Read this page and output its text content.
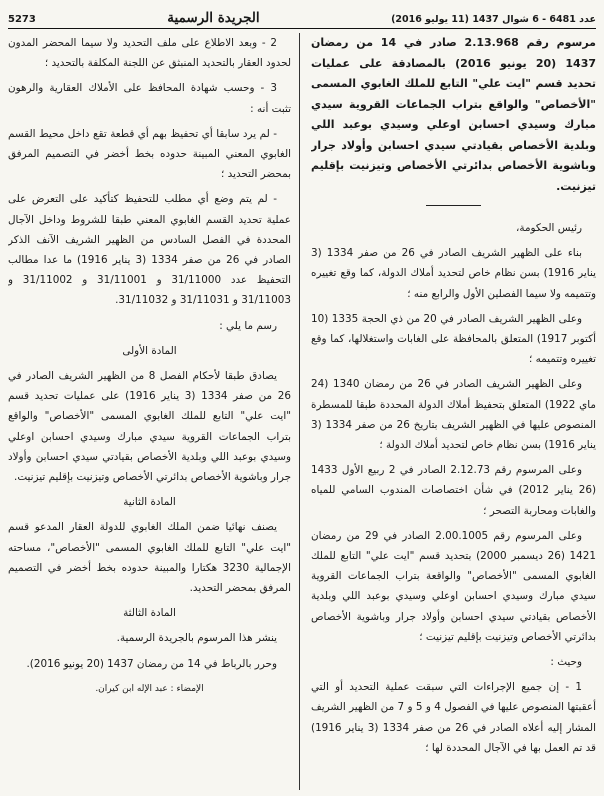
5273	الجريدة الرسمية	عدد 6481 - 6 شوال 1437 (11 يوليو 2016)

مرسوم رقم 2.13.968 صادر في 14 من رمضان 1437 (20 يونيو 2016) بالمصادقة على عمليات تحديد قسم "ايت علي" التابع للملك الغابوي المسمى "الأخصاص" والواقع بتراب الجماعات القروية سيدي مبارك وسيدي احسابن اوعلي وسيدي بوعبد اللي وبلدية الأخصاص بقيادتي سيدي احسابن وأولاد جرار وباشوية الأخصاص بدائرتي الأخصاص وتيزنيت بإقليم تيزنيت.

رئيس الحكومة،

بناء على الظهير الشريف الصادر في 26 من صفر 1334 (3 يناير 1916) بسن نظام خاص لتحديد أملاك الدولة، كما وقع تغييره وتتميمه ولا سيما الفصلين الأول والرابع منه ؛

وعلى الظهير الشريف الصادر في 20 من ذي الحجة 1335 (10 أكتوبر 1917) المتعلق بالمحافظة على الغابات واستغلالها، كما وقع تغييره وتتميمه ؛

وعلى الظهير الشريف الصادر في 26 من رمضان 1340 (24 ماي 1922) المتعلق بتحفيظ أملاك الدولة المحددة طبقا للمسطرة المنصوص عليها في الظهير الشريف بتاريخ 26 من صفر 1334 (3 يناير 1916) بسن نظام خاص لتحديد أملاك الدولة ؛

وعلى المرسوم رقم 2.12.73 الصادر في 2 ربيع الأول 1433 (26 يناير 2012) في شأن اختصاصات المندوب السامي للمياه والغابات ومحاربة التصحر ؛

وعلى المرسوم رقم 2.00.1005 الصادر في 29 من رمضان 1421 (26 ديسمبر 2000) بتحديد قسم "ايت علي" التابع للملك الغابوي المسمى "الأخصاص" والواقعة بتراب الجماعات القروية سيدي مبارك وسيدي احسابن اوعلي وسيدي بوعبد اللي وبلدية الأخصاص بقيادتي سيدي احسابن وأولاد جرار وباشوية الأخصاص بدائرتي الأخصاص وتيزنيت بإقليم تيزنيت ؛

وحيث :

1 - إن جميع الإجراءات التي سبقت عملية التحديد أو التي أعقبتها المنصوص عليها في الفصول 4 و 5 و 7 من الظهير الشريف المشار إليه أعلاه الصادر في 26 من صفر 1334 (3 يناير 1916) قد تم العمل بها في الآجال المحددة لها ؛

2 - وبعد الاطلاع على ملف التحديد ولا سيما المحضر المدون لحدود العقار بالتحديد المنبثق عن اللجنة المكلفة بالتحديد ؛

3 - وحسب شهادة المحافظ على الأملاك العقارية والرهون تثبت أنه :

- لم يرد سابقا أي تحفيظ بهم أي قطعة تقع داخل محيط القسم الغابوي المعني المبينة حدوده بخط أخضر في التصميم المرفق بمحضر التحديد ؛

- لم يتم وضع أي مطلب للتحفيظ كتأكيد على التعرض على عملية تحديد القسم الغابوي المعني طبقا للشروط وداخل الآجال المحددة في الفصل السادس من الظهير الشريف الآنف الذكر الصادر في 26 من صفر 1334 (3 يناير 1916) ما عدا مطالب التحفيظ عدد 31/11000 و 31/11001 و 31/11002 و 31/11003 و 31/11031 و 31/11032.

رسم ما يلي :

المادة الأولى

يصادق طبقا لأحكام الفصل 8 من الظهير الشريف الصادر في 26 من صفر 1334 (3 يناير 1916) على عمليات تحديد قسم "ايت علي" التابع للملك الغابوي المسمى "الأخصاص" والواقع بتراب الجماعات القروية سيدي مبارك وسيدي احسابن اوعلي وسيدي بوعبد اللي وبلدية الأخصاص بقيادتي سيدي احسابن وأولاد جرار وباشوية الأخصاص بدائرتي الأخصاص وتيزنيت بإقليم تيزنيت.

المادة الثانية

يصنف نهائيا ضمن الملك الغابوي للدولة العقار المدعو قسم "ايت علي" التابع للملك الغابوي المسمى "الأخصاص"، مساحته الإجمالية 3230 هكتارا والمبينة حدوده بخط أخضر في التصميم المرفق بمحضر التحديد.

المادة الثالثة

ينشر هذا المرسوم بالجريدة الرسمية.

وحرر بالرباط في 14 من رمضان 1437 (20 يونيو 2016).

الإمضاء : عبد الإله ابن كيران.
